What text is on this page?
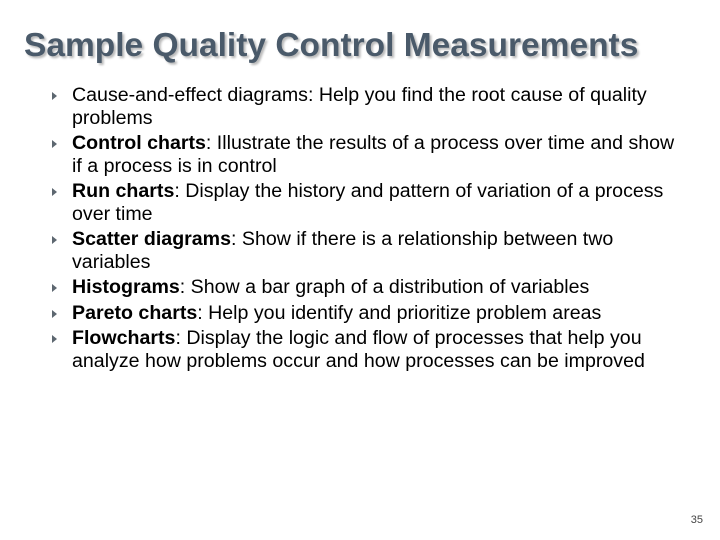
Sample Quality Control Measurements
Cause-and-effect diagrams: Help you find the root cause of quality problems
Control charts: Illustrate the results of a process over time and show if a process is in control
Run charts: Display the history and pattern of variation of a process over time
Scatter diagrams: Show if there is a relationship between two variables
Histograms: Show a bar graph of a distribution of variables
Pareto charts: Help you identify and prioritize problem areas
Flowcharts: Display the logic and flow of processes that help you analyze how problems occur and how processes can be improved
35
